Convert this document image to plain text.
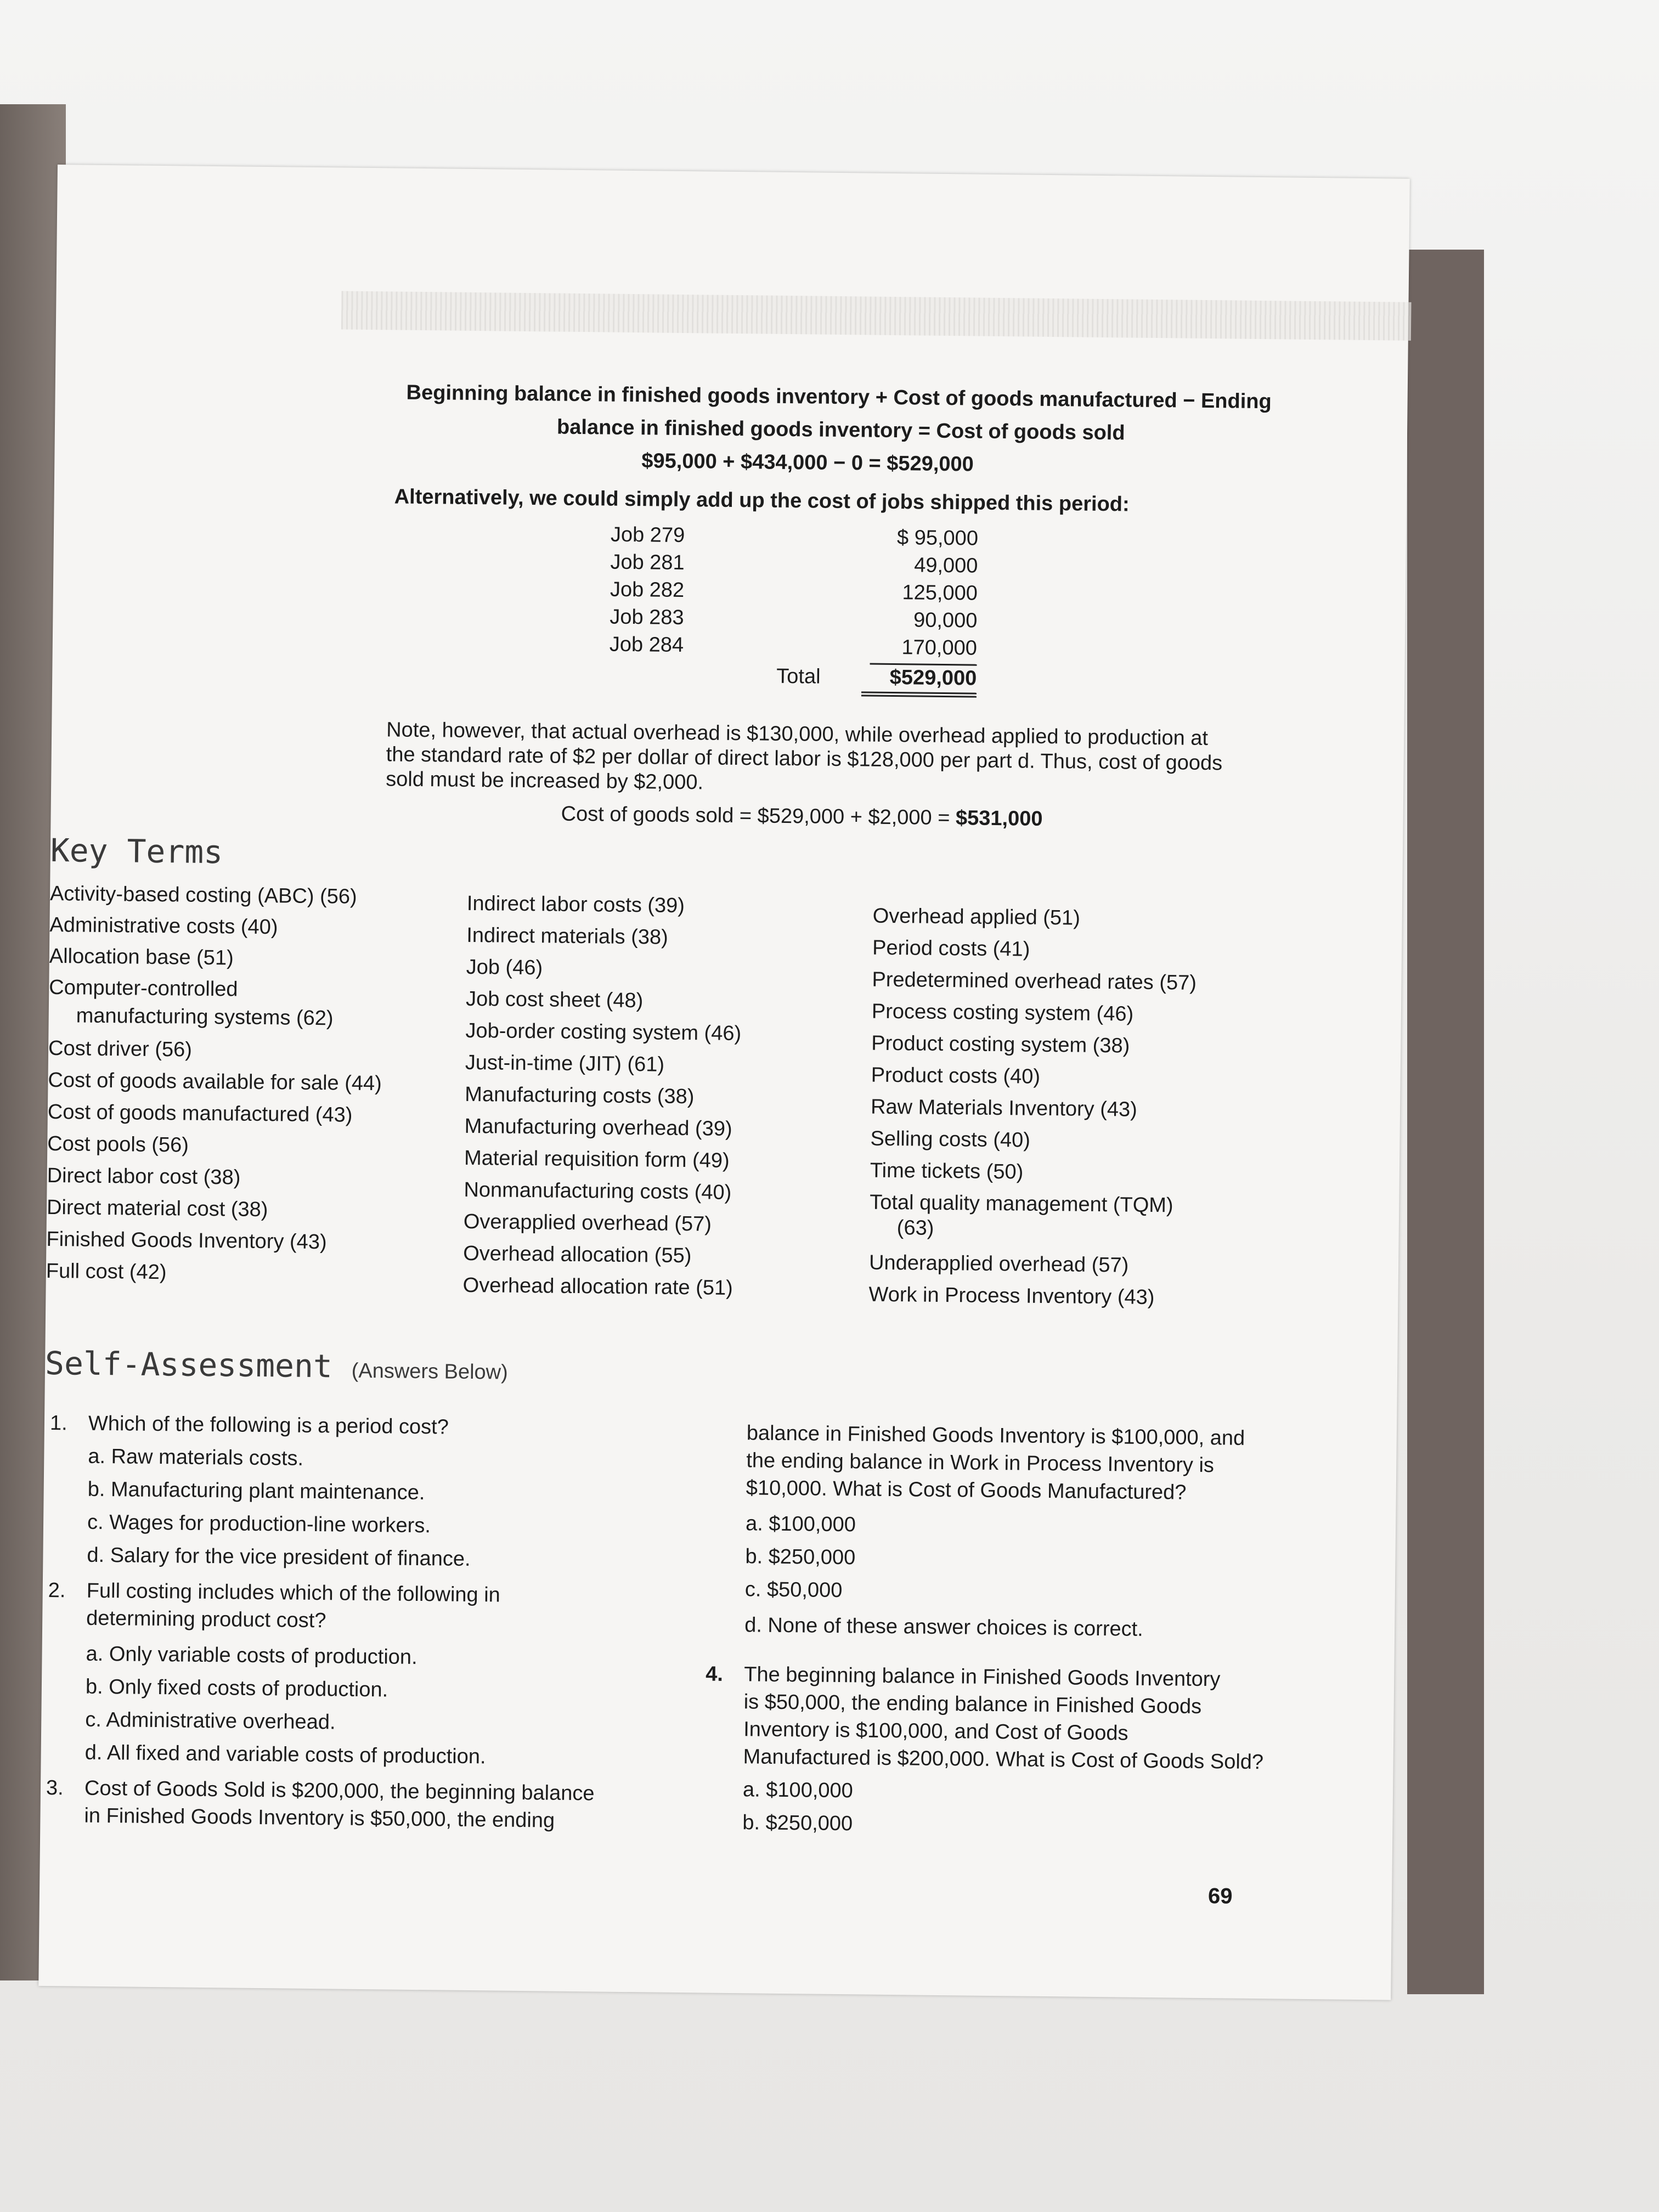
Beginning balance in finished goods inventory + Cost of goods manufactured − Ending
balance in finished goods inventory = Cost of goods sold
$95,000 + $434,000 − 0 = $529,000
Alternatively, we could simply add up the cost of jobs shipped this period:
Job 279	$ 95,000
Job 281	49,000
Job 282	125,000
Job 283	90,000
Job 284	170,000
Total	$529,000
Note, however, that actual overhead is $130,000, while overhead applied to production at
the standard rate of $2 per dollar of direct labor is $128,000 per part d. Thus, cost of goods
sold must be increased by $2,000.
Cost of goods sold = $529,000 + $2,000 = $531,000
Key Terms
Activity-based costing (ABC) (56)
Administrative costs (40)
Allocation base (51)
Computer-controlled
manufacturing systems (62)
Cost driver (56)
Cost of goods available for sale (44)
Cost of goods manufactured (43)
Cost pools (56)
Direct labor cost (38)
Direct material cost (38)
Finished Goods Inventory (43)
Full cost (42)
Indirect labor costs (39)
Indirect materials (38)
Job (46)
Job cost sheet (48)
Job-order costing system (46)
Just-in-time (JIT) (61)
Manufacturing costs (38)
Manufacturing overhead (39)
Material requisition form (49)
Nonmanufacturing costs (40)
Overapplied overhead (57)
Overhead allocation (55)
Overhead allocation rate (51)
Overhead applied (51)
Period costs (41)
Predetermined overhead rates (57)
Process costing system (46)
Product costing system (38)
Product costs (40)
Raw Materials Inventory (43)
Selling costs (40)
Time tickets (50)
Total quality management (TQM)
(63)
Underapplied overhead (57)
Work in Process Inventory (43)
Self-Assessment (Answers Below)
1. Which of the following is a period cost?
a. Raw materials costs.
b. Manufacturing plant maintenance.
c. Wages for production-line workers.
d. Salary for the vice president of finance.
2. Full costing includes which of the following in
determining product cost?
a. Only variable costs of production.
b. Only fixed costs of production.
c. Administrative overhead.
d. All fixed and variable costs of production.
3. Cost of Goods Sold is $200,000, the beginning balance
in Finished Goods Inventory is $50,000, the ending
balance in Finished Goods Inventory is $100,000, and
the ending balance in Work in Process Inventory is
$10,000. What is Cost of Goods Manufactured?
a. $100,000
b. $250,000
c. $50,000
d. None of these answer choices is correct.
4. The beginning balance in Finished Goods Inventory
is $50,000, the ending balance in Finished Goods
Inventory is $100,000, and Cost of Goods
Manufactured is $200,000. What is Cost of Goods Sold?
a. $100,000
b. $250,000
69
